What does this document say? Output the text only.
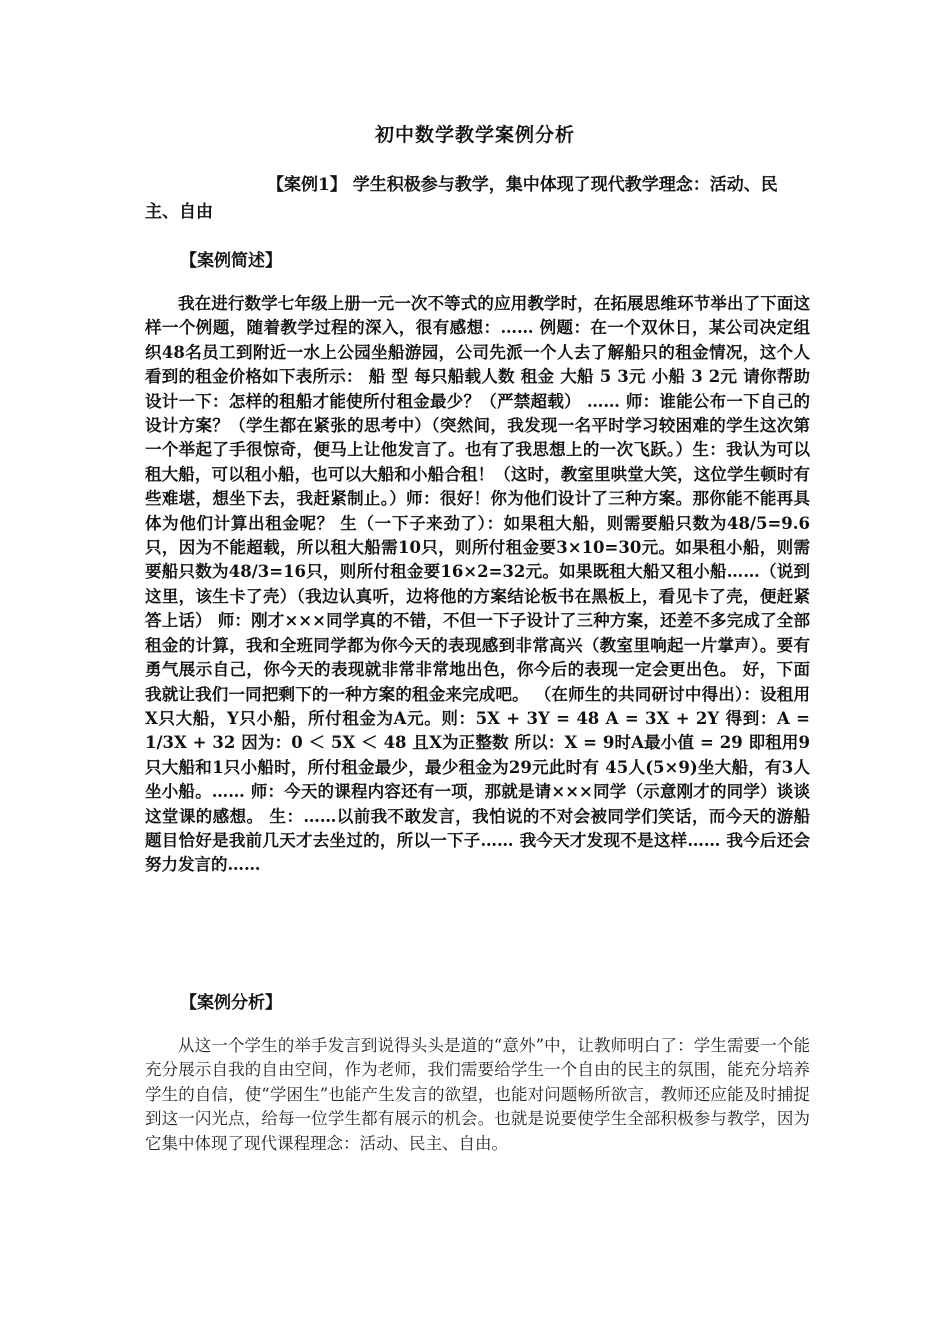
初中数学教学案例分析
【案例1】 学生积极参与教学，集中体现了现代教学理念：活动、民主、自由
【案例简述】
我在进行数学七年级上册一元一次不等式的应用教学时，在拓展思维环节举出了下面这样一个例题，随着教学过程的深入，很有感想：…… 例题：在一个双休日，某公司决定组织48名员工到附近一水上公园坐船游园，公司先派一个人去了解船只的租金情况，这个人看到的租金价格如下表所示： 船 型 每只船载人数 租金 大船 5 3元 小船 3 2元 请你帮助设计一下：怎样的租船才能使所付租金最少？（严禁超载） …… 师：谁能公布一下自己的设计方案？（学生都在紧张的思考中）（突然间，我发现一名平时学习较困难的学生这次第一个举起了手很惊奇，便马上让他发言了。也有了我思想上的一次飞跃。）生：我认为可以租大船，可以租小船，也可以大船和小船合租！（这时，教室里哄堂大笑，这位学生顿时有些难堪，想坐下去，我赶紧制止。）师：很好！你为他们设计了三种方案。那你能不能再具体为他们计算出租金呢？ 生（一下子来劲了）：如果租大船，则需要船只数为48/5=9.6只，因为不能超载，所以租大船需10只，则所付租金要3×10=30元。如果租小船，则需要船只数为48/3=16只，则所付租金要16×2=32元。如果既租大船又租小船……（说到这里，该生卡了壳）（我边认真听，边将他的方案结论板书在黑板上，看见卡了壳，便赶紧答上话） 师：刚才×××同学真的不错，不但一下子设计了三种方案，还差不多完成了全部租金的计算，我和全班同学都为你今天的表现感到非常高兴（教室里响起一片掌声）。要有勇气展示自己，你今天的表现就非常非常地出色，你今后的表现一定会更出色。 好，下面我就让我们一同把剩下的一种方案的租金来完成吧。 （在师生的共同研讨中得出）：设租用X只大船，Y只小船，所付租金为A元。则：5X + 3Y = 48 A = 3X + 2Y 得到：A = 1/3X + 32 因为：0 ＜ 5X ＜ 48 且X为正整数 所以：X = 9时A最小值 = 29 即租用9只大船和1只小船时，所付租金最少，最少租金为29元此时有 45人(5×9)坐大船，有3人坐小船。…… 师：今天的课程内容还有一项，那就是请×××同学（示意刚才的同学）谈谈这堂课的感想。 生：……以前我不敢发言，我怕说的不对会被同学们笑话，而今天的游船题目恰好是我前几天才去坐过的，所以一下子…… 我今天才发现不是这样…… 我今后还会努力发言的……
【案例分析】
从这一个学生的举手发言到说得头头是道的“意外”中，让教师明白了：学生需要一个能充分展示自我的自由空间，作为老师，我们需要给学生一个自由的民主的氛围，能充分培养学生的自信，使“学困生”也能产生发言的欲望，也能对问题畅所欲言，教师还应能及时捕捉到这一闪光点，给每一位学生都有展示的机会。也就是说要使学生全部积极参与教学，因为它集中体现了现代课程理念：活动、民主、自由。
